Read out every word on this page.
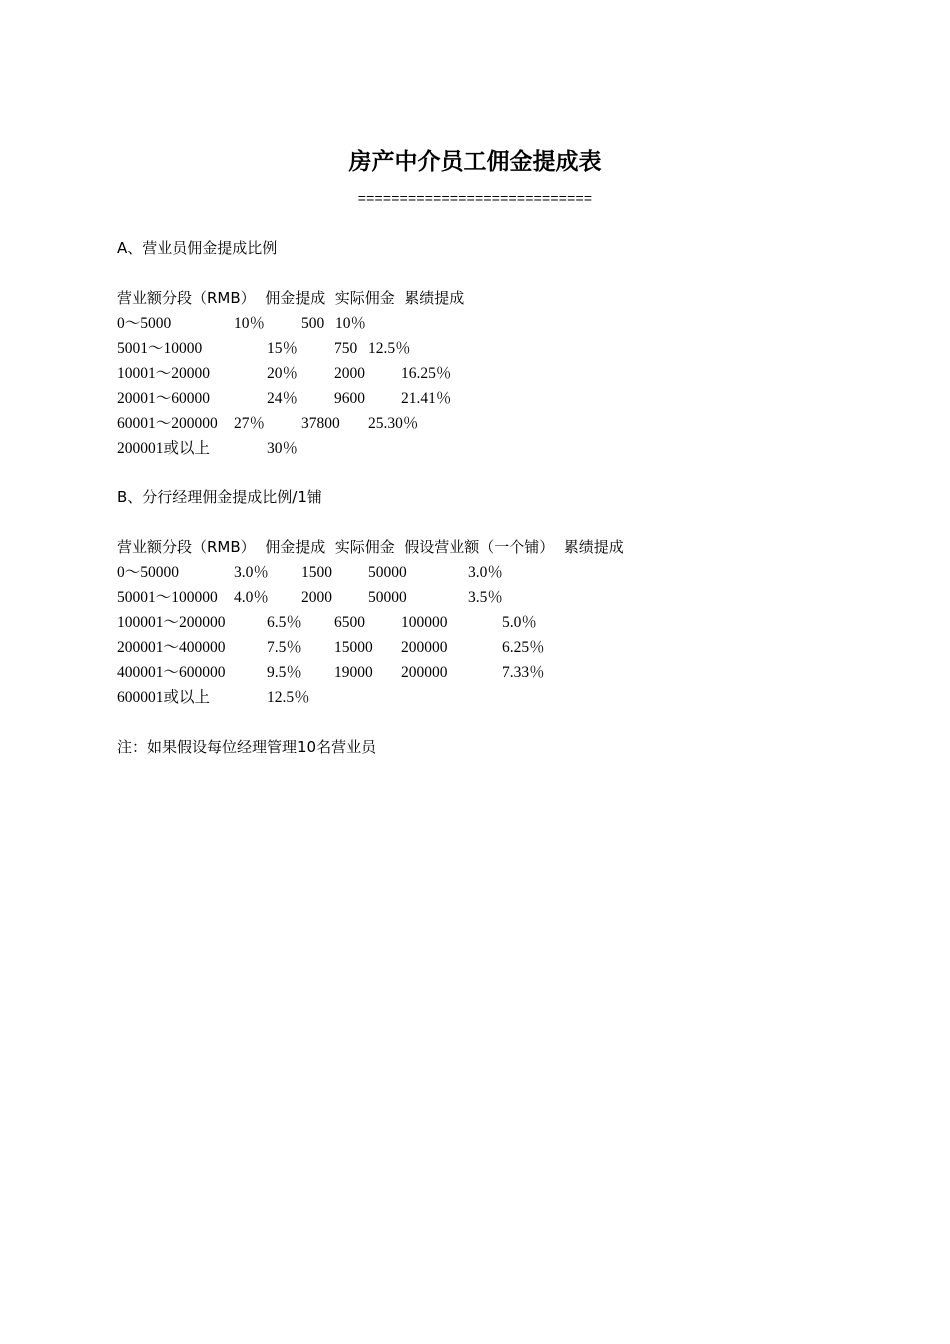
房产中介员工佣金提成表
============================
A、营业员佣金提成比例
营业额分段（RMB）  佣金提成  实际佣金  累绩提成
0～5000	10％ 500 10％
5001～10000	15％ 750 12.5％
10001～20000	20％ 2000 16.25％
20001～60000	24％ 9600 21.41％
60001～200000 27％ 37800 25.30％
200001或以上	30％
B、分行经理佣金提成比例/1铺
营业额分段（RMB）  佣金提成  实际佣金  假设营业额（一个铺）  累绩提成
0～50000	3.0％ 1500 50000	3.0％
50001～100000 4.0％ 2000 50000	3.5％
100001～200000	6.5％ 6500 100000	5.0％
200001～400000	7.5％ 15000 200000	6.25％
400001～600000	9.5％ 19000 200000	7.33％
600001或以上	12.5％
注：如果假设每位经理管理10名营业员
